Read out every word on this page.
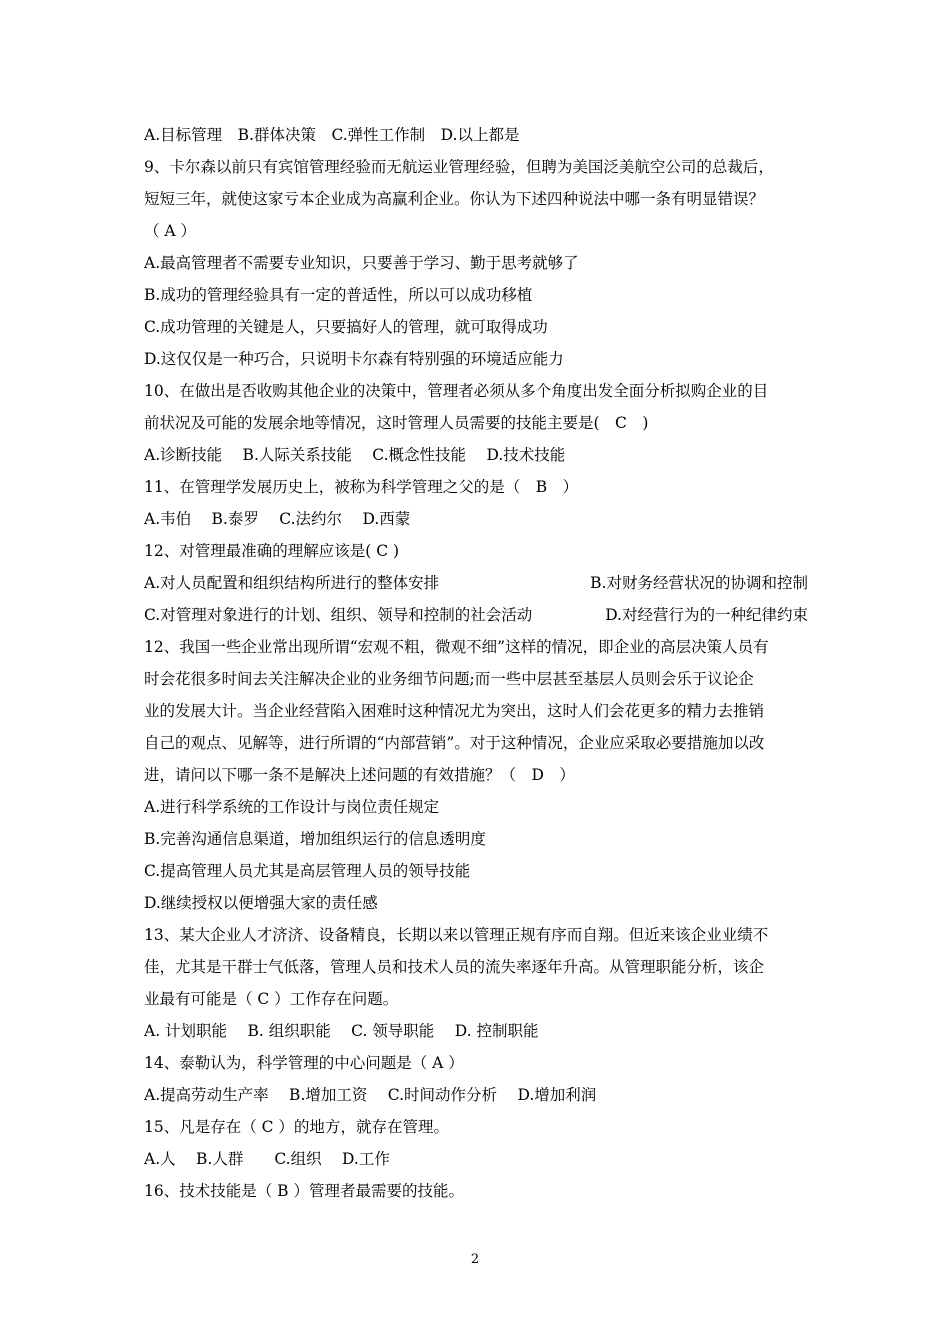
A.目标管理　B.群体决策　C.弹性工作制　D.以上都是
9、卡尔森以前只有宾馆管理经验而无航运业管理经验，但聘为美国泛美航空公司的总裁后，
短短三年，就使这家亏本企业成为高赢利企业。你认为下述四种说法中哪一条有明显错误？
（ A ）
A.最高管理者不需要专业知识，只要善于学习、勤于思考就够了
B.成功的管理经验具有一定的普适性，所以可以成功移植
C.成功管理的关键是人，只要搞好人的管理，就可取得成功
D.这仅仅是一种巧合，只说明卡尔森有特别强的环境适应能力
10、在做出是否收购其他企业的决策中，管理者必须从多个角度出发全面分析拟购企业的目
前状况及可能的发展余地等情况，这时管理人员需要的技能主要是(　C　)
A.诊断技能　 B.人际关系技能　 C.概念性技能　 D.技术技能
11、在管理学发展历史上，被称为科学管理之父的是（　B　）
A.韦伯　 B.泰罗　 C.法约尔　 D.西蒙
12、对管理最准确的理解应该是( C )
A.对人员配置和组织结构所进行的整体安排	B.对财务经营状况的协调和控制
C.对管理对象进行的计划、组织、领导和控制的社会活动	D.对经营行为的一种纪律约束
12、我国一些企业常出现所谓“宏观不粗，微观不细”这样的情况，即企业的高层决策人员有
时会花很多时间去关注解决企业的业务细节问题;而一些中层甚至基层人员则会乐于议论企
业的发展大计。当企业经营陷入困难时这种情况尤为突出，这时人们会花更多的精力去推销
自己的观点、见解等，进行所谓的“内部营销”。对于这种情况，企业应采取必要措施加以改
进，请问以下哪一条不是解决上述问题的有效措施？（　D　）
A.进行科学系统的工作设计与岗位责任规定
B.完善沟通信息渠道，增加组织运行的信息透明度
C.提高管理人员尤其是高层管理人员的领导技能
D.继续授权以便增强大家的责任感
13、某大企业人才济济、设备精良，长期以来以管理正规有序而自翔。但近来该企业业绩不
佳，尤其是干群士气低落，管理人员和技术人员的流失率逐年升高。从管理职能分析，该企
业最有可能是（ C ）工作存在问题。
A. 计划职能　 B. 组织职能　 C. 领导职能　 D. 控制职能
14、泰勒认为，科学管理的中心问题是（ A ）
A.提高劳动生产率　 B.增加工资　 C.时间动作分析　 D.增加利润
15、凡是存在（ C ）的地方，就存在管理。
A.人　 B.人群　　C.组织　 D.工作
16、技术技能是（ B ）管理者最需要的技能。
2
